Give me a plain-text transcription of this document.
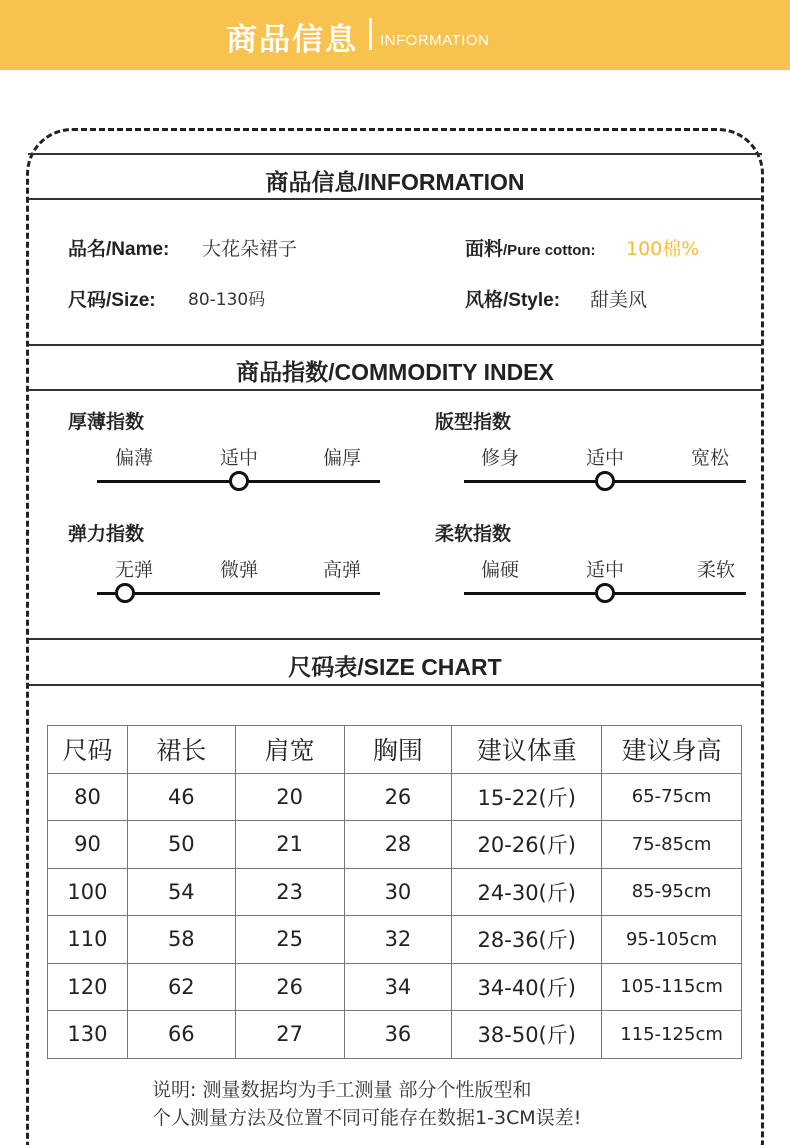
商品信息 INFORMATION
商品信息/INFORMATION
品名/Name: 大花朵裙子	面料/Pure cotton: 100棉%
尺码/Size: 80-130码	风格/Style: 甜美风
商品指数/COMMODITY INDEX
厚薄指数
偏薄	适中	偏厚
版型指数
修身	适中	宽松
弹力指数
无弹	微弹	高弹
柔软指数
偏硬	适中	柔软
尺码表/SIZE CHART
尺码	裙长	肩宽	胸围	建议体重	建议身高
80	46	20	26	15-22(斤)	65-75cm
90	50	21	28	20-26(斤)	75-85cm
100	54	23	30	24-30(斤)	85-95cm
110	58	25	32	28-36(斤)	95-105cm
120	62	26	34	34-40(斤)	105-115cm
130	66	27	36	38-50(斤)	115-125cm
说明: 测量数据均为手工测量 部分个性版型和
个人测量方法及位置不同可能存在数据1-3CM误差!
